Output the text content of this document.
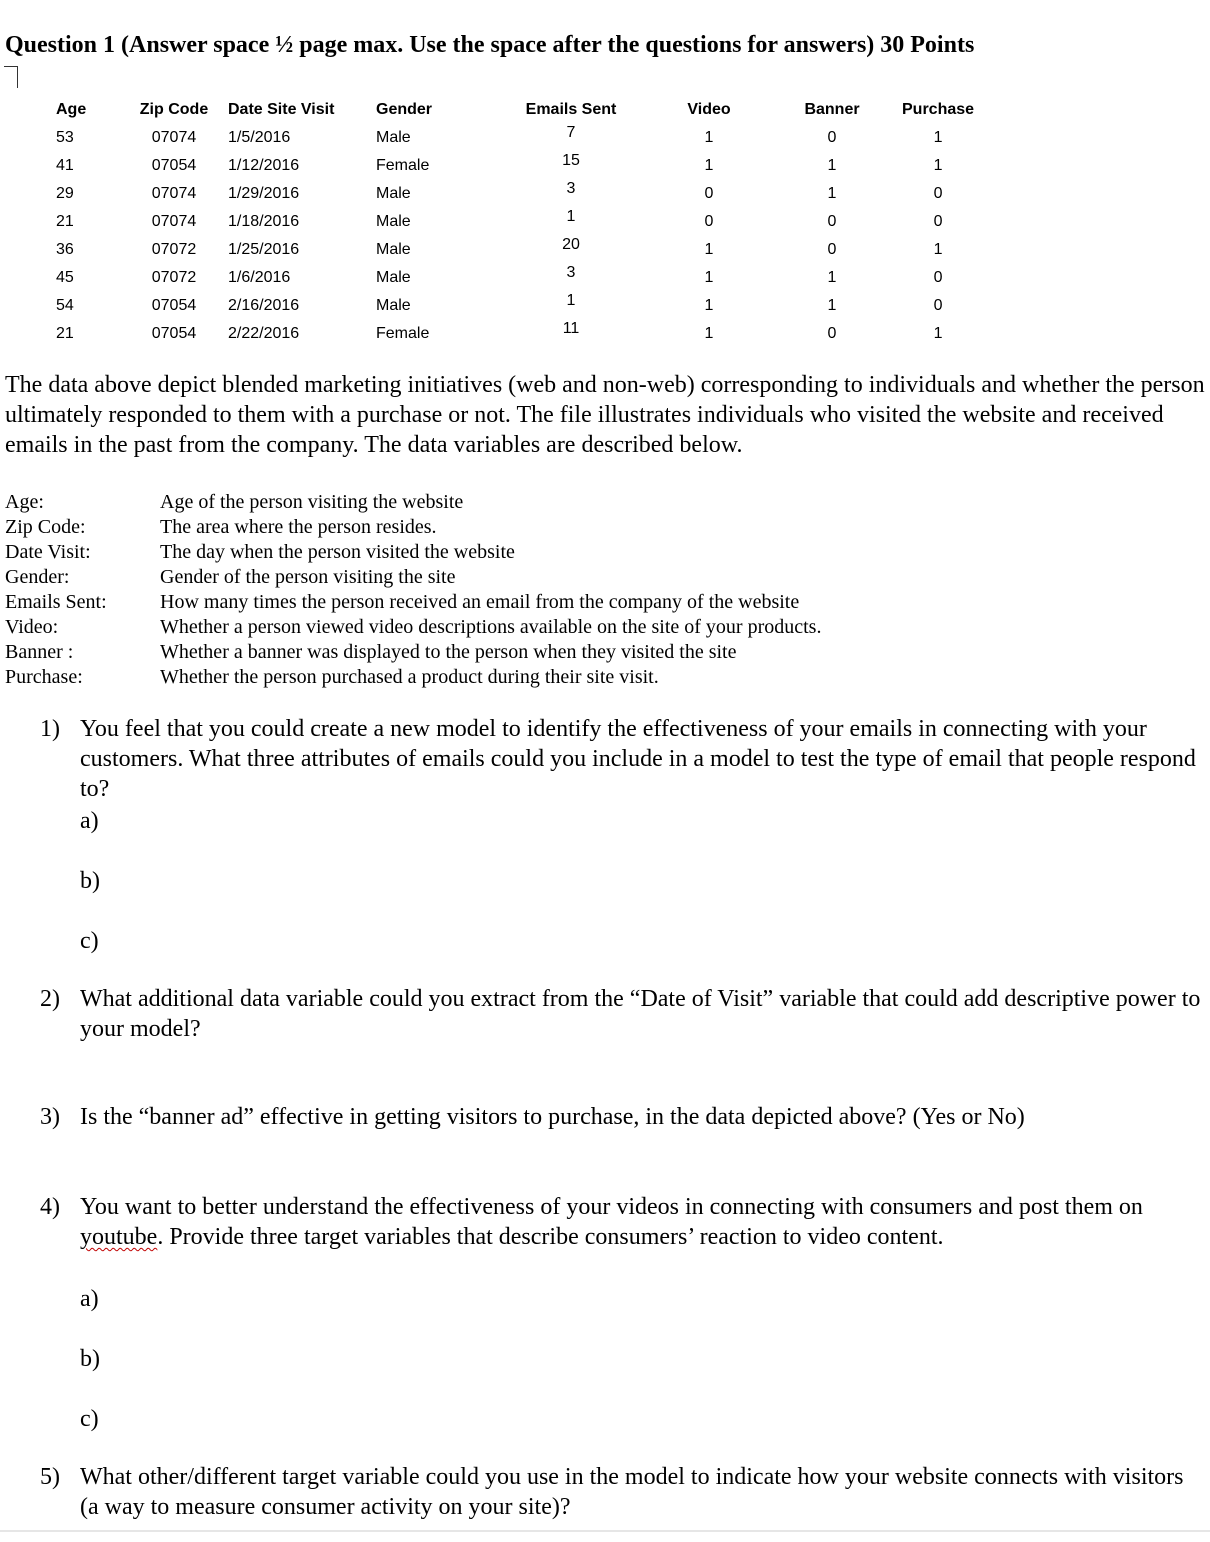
Question 1 (Answer space ½ page max. Use the space after the questions for answers) 30 Points
Age	Zip Code	Date Site Visit	Gender	Emails Sent	Video	Banner	Purchase
53	07074	1/5/2016	Male	7	1	0	1
41	07054	1/12/2016	Female	15	1	1	1
29	07074	1/29/2016	Male	3	0	1	0
21	07074	1/18/2016	Male	1	0	0	0
36	07072	1/25/2016	Male	20	1	0	1
45	07072	1/6/2016	Male	3	1	1	0
54	07054	2/16/2016	Male	1	1	1	0
21	07054	2/22/2016	Female	11	1	0	1
The data above depict blended marketing initiatives (web and non-web) corresponding to individuals and whether the person ultimately responded to them with a purchase or not. The file illustrates individuals who visited the website and received emails in the past from the company. The data variables are described below.
Age:	Age of the person visiting the website
Zip Code:	The area where the person resides.
Date Visit:	The day when the person visited the website
Gender:	Gender of the person visiting the site
Emails Sent:	How many times the person received an email from the company of the website
Video:	Whether a person viewed video descriptions available on the site of your products.
Banner :	Whether a banner was displayed to the person when they visited the site
Purchase:	Whether the person purchased a product during their site visit.
1) You feel that you could create a new model to identify the effectiveness of your emails in connecting with your customers. What three attributes of emails could you include in a model to test the type of email that people respond to?
a)
b)
c)
2) What additional data variable could you extract from the “Date of Visit” variable that could add descriptive power to your model?
3) Is the “banner ad” effective in getting visitors to purchase, in the data depicted above? (Yes or No)
4) You want to better understand the effectiveness of your videos in connecting with consumers and post them on youtube. Provide three target variables that describe consumers’ reaction to video content.
a)
b)
c)
5) What other/different target variable could you use in the model to indicate how your website connects with visitors (a way to measure consumer activity on your site)?
